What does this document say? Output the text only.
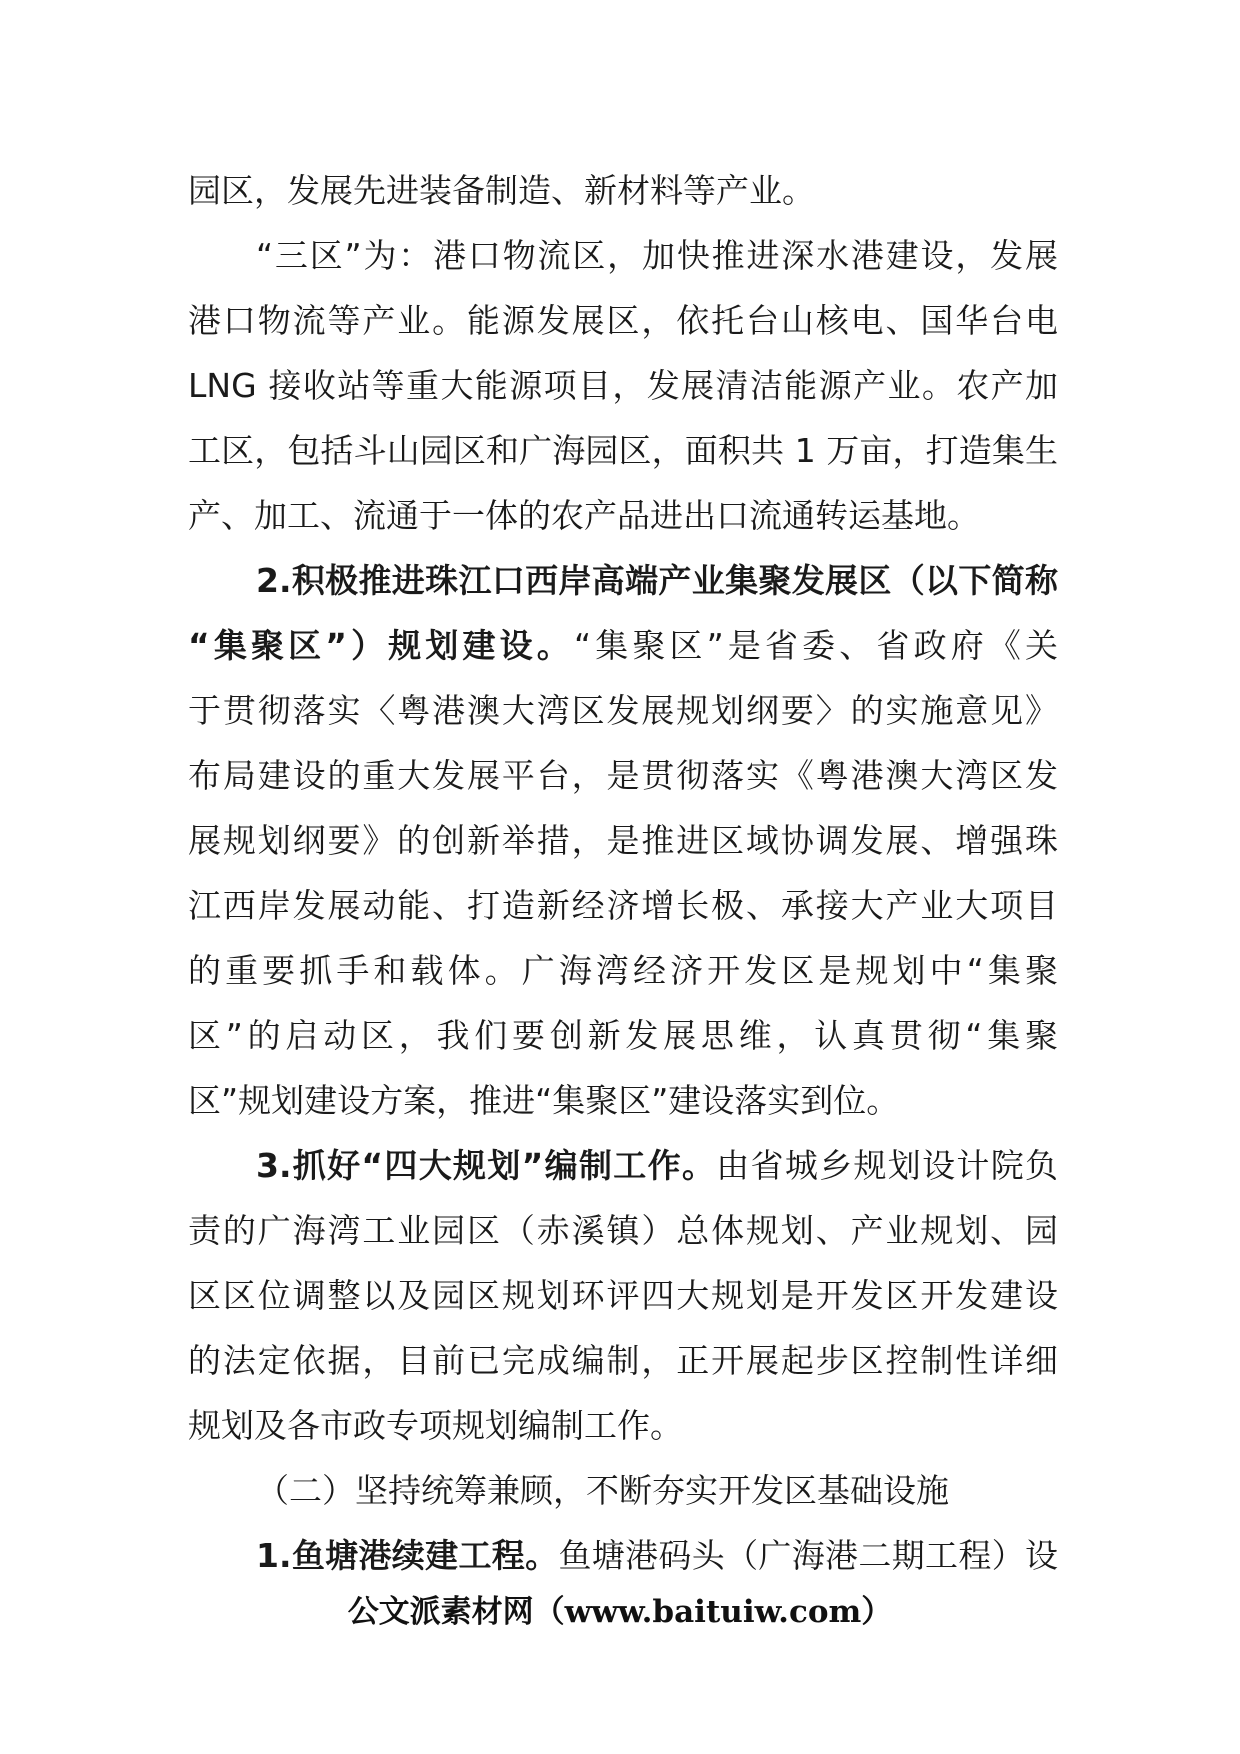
园区，发展先进装备制造、新材料等产业。
“三区”为：港口物流区，加快推进深水港建设，发展
港口物流等产业。能源发展区，依托台山核电、国华台电
LNG 接收站等重大能源项目，发展清洁能源产业。农产加
工区，包括斗山园区和广海园区，面积共 1 万亩，打造集生
产、加工、流通于一体的农产品进出口流通转运基地。
2.积极推进珠江口西岸高端产业集聚发展区（以下简称
“集聚区”）规划建设。“集聚区”是省委、省政府《关
于贯彻落实〈粤港澳大湾区发展规划纲要〉的实施意见》
布局建设的重大发展平台，是贯彻落实《粤港澳大湾区发
展规划纲要》的创新举措，是推进区域协调发展、增强珠
江西岸发展动能、打造新经济增长极、承接大产业大项目
的重要抓手和载体。广海湾经济开发区是规划中“集聚
区”的启动区，我们要创新发展思维，认真贯彻“集聚
区”规划建设方案，推进“集聚区”建设落实到位。
3.抓好“四大规划”编制工作。由省城乡规划设计院负
责的广海湾工业园区（赤溪镇）总体规划、产业规划、园
区区位调整以及园区规划环评四大规划是开发区开发建设
的法定依据，目前已完成编制，正开展起步区控制性详细
规划及各市政专项规划编制工作。
（二）坚持统筹兼顾，不断夯实开发区基础设施
1.鱼塘港续建工程。鱼塘港码头（广海港二期工程）设
公文派素材网（www.baituiw.com）
